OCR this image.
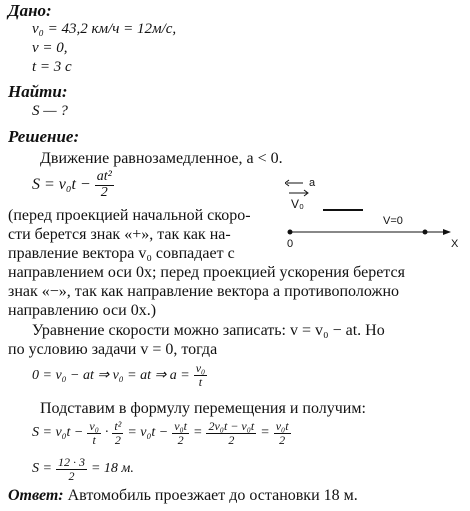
Дано:
v₀ = 43,2 км/ч = 12м/с,
v = 0,
t = 3 с
Найти:
S — ?
Решение:
Движение равнозамедленное, a < 0.
$S = v_0t - \frac{\text{at²}}{2}$
(перед проекцией начальной скоро-
сти берется знак «+», так как на-
правление вектора v₀ совпадает с
направлением оси 0x; перед проекцией ускорения берется
знак «−», так как направление вектора a противоположно
направлению оси 0x.)
a
V₀
V=0
0	X
Уравнение скорости можно записать: v = v₀ − at. Но
по условию задачи v = 0, тогда
0 = v₀ − at ⇒ v₀ = at ⇒ $a = \frac{\text{v₀}}{t}$
Подставим в формулу перемещения и получим:
$S = v_0t - \frac{\text{v₀}}{t} \cdot \frac{\text{t²}}{2} = v_0t - \frac{\text{v₀t}}{2} = \frac{\text{2v₀t − v₀t}}{2} = \frac{\text{v₀t}}{2}$
$S = \frac{12 \cdot 3}{2} = 18$ м.
Ответ: Автомобиль проезжает до остановки 18 м.
